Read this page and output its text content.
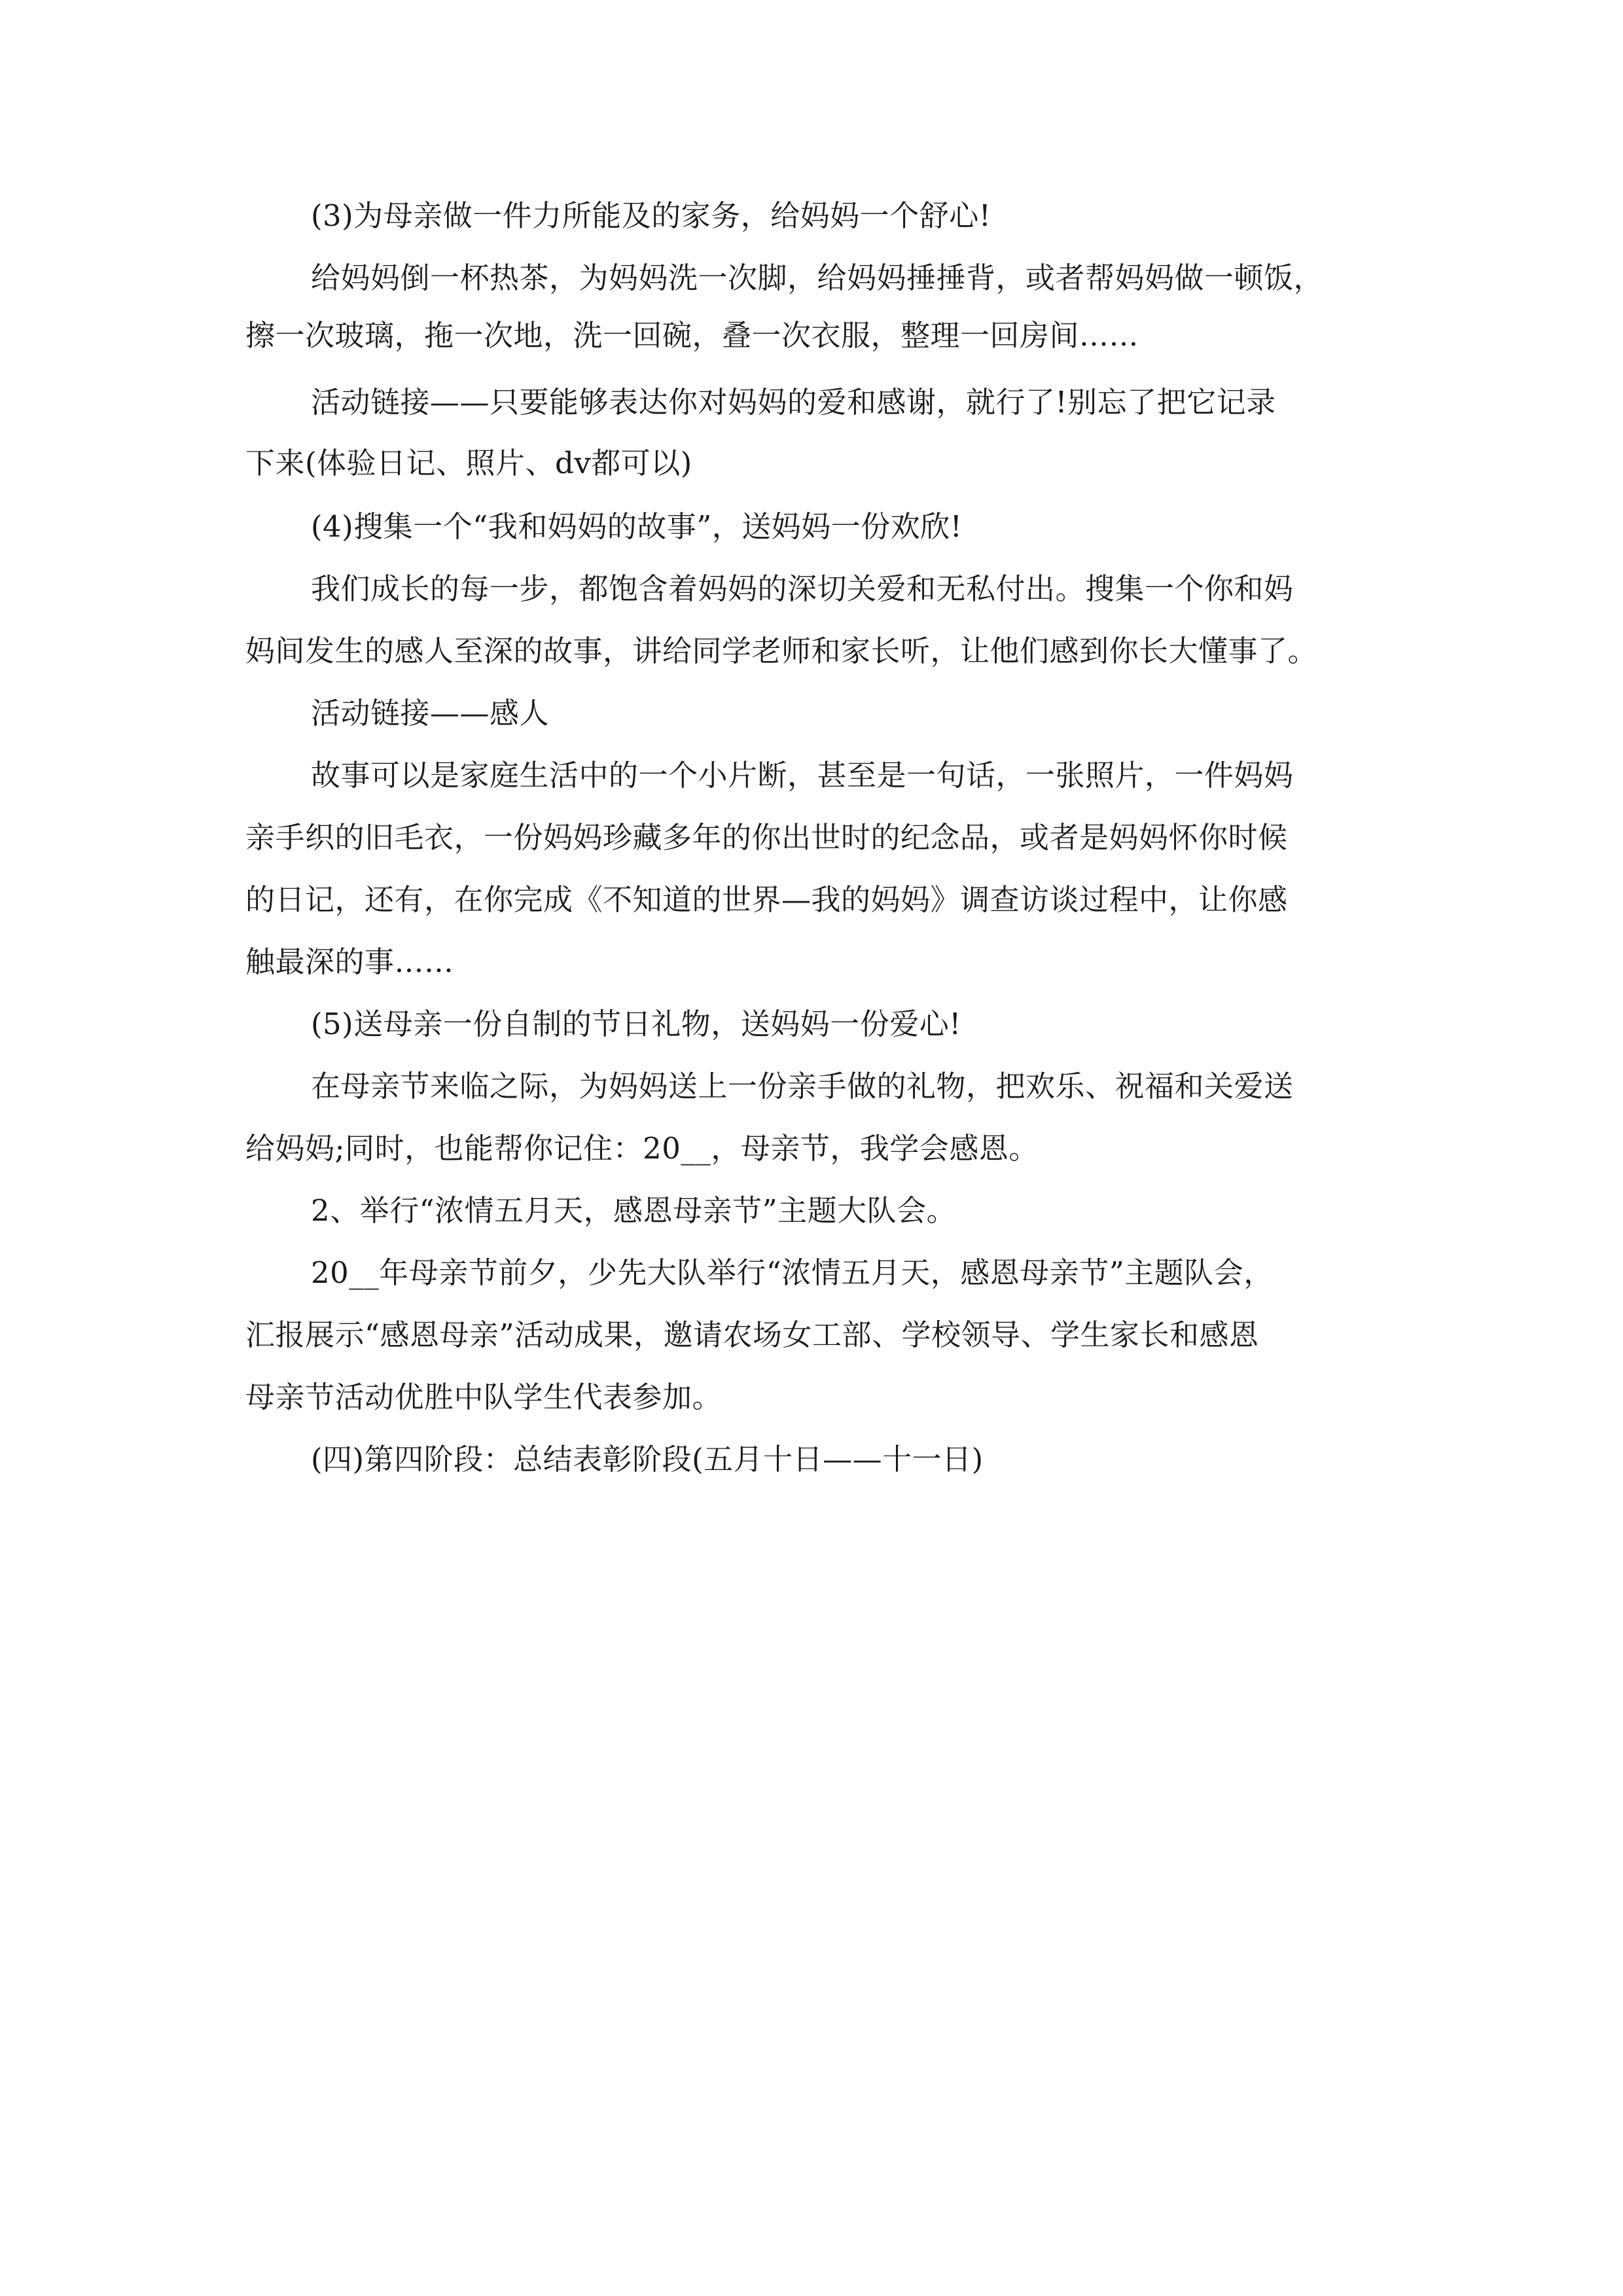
(3)为母亲做一件力所能及的家务，给妈妈一个舒心!
给妈妈倒一杯热茶，为妈妈洗一次脚，给妈妈捶捶背，或者帮妈妈做一顿饭，
擦一次玻璃，拖一次地，洗一回碗，叠一次衣服，整理一回房间……
活动链接——只要能够表达你对妈妈的爱和感谢，就行了!别忘了把它记录
下来(体验日记、照片、dv都可以)
(4)搜集一个“我和妈妈的故事”，送妈妈一份欢欣!
我们成长的每一步，都饱含着妈妈的深切关爱和无私付出。搜集一个你和妈
妈间发生的感人至深的故事，讲给同学老师和家长听，让他们感到你长大懂事了。
活动链接——感人
故事可以是家庭生活中的一个小片断，甚至是一句话，一张照片，一件妈妈
亲手织的旧毛衣，一份妈妈珍藏多年的你出世时的纪念品，或者是妈妈怀你时候
的日记，还有，在你完成《不知道的世界—我的妈妈》调查访谈过程中，让你感
触最深的事……
(5)送母亲一份自制的节日礼物，送妈妈一份爱心!
在母亲节来临之际，为妈妈送上一份亲手做的礼物，把欢乐、祝福和关爱送
给妈妈;同时，也能帮你记住：20__，母亲节，我学会感恩。
2、举行“浓情五月天，感恩母亲节”主题大队会。
20__年母亲节前夕，少先大队举行“浓情五月天，感恩母亲节”主题队会，
汇报展示“感恩母亲”活动成果，邀请农场女工部、学校领导、学生家长和感恩
母亲节活动优胜中队学生代表参加。
(四)第四阶段：总结表彰阶段(五月十日——十一日)
